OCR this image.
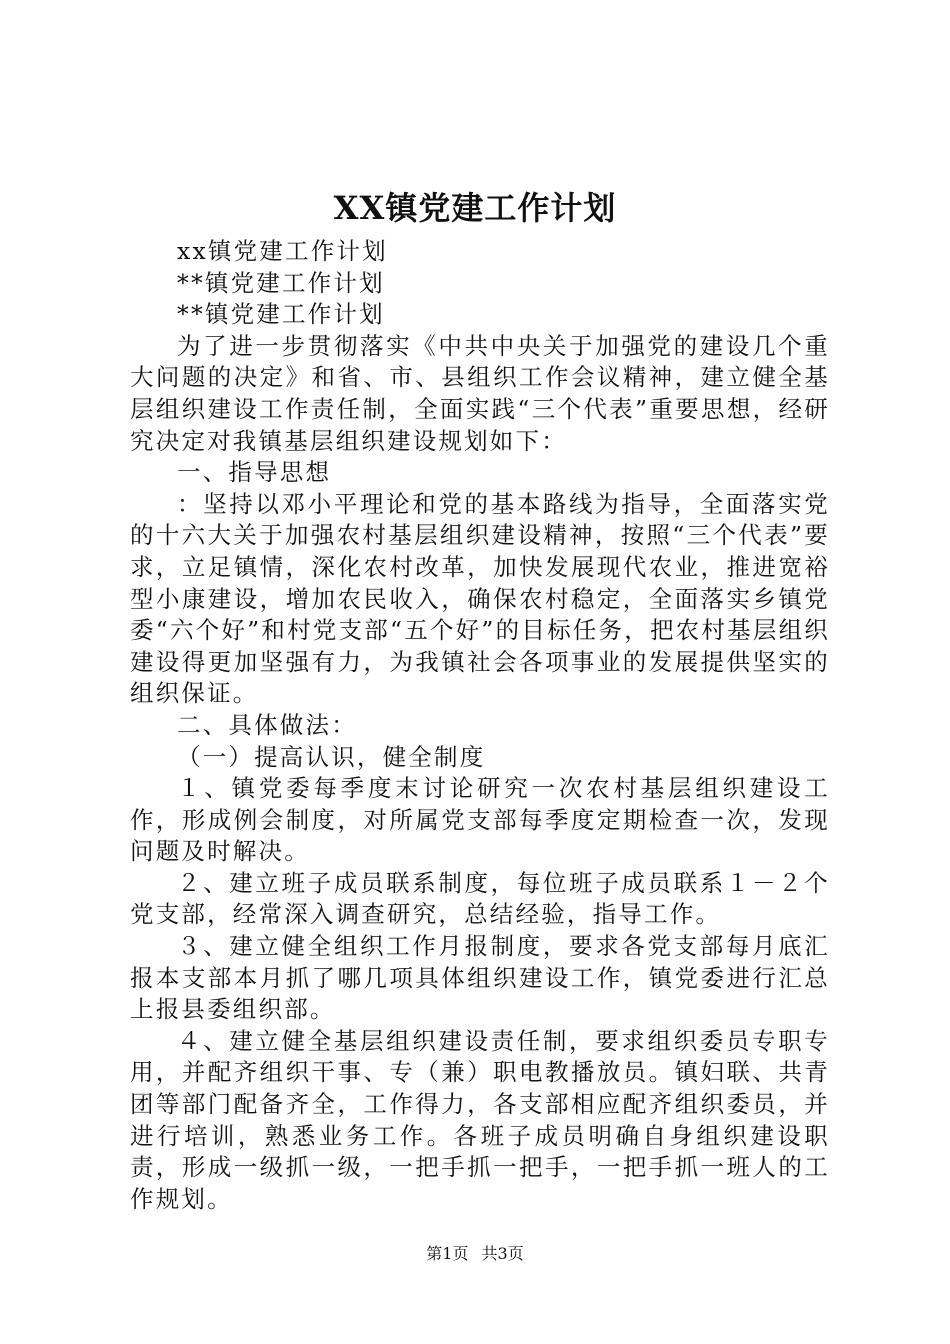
XX镇党建工作计划

xx镇党建工作计划

**镇党建工作计划

**镇党建工作计划

为了进一步贯彻落实《中共中央关于加强党的建设几个重大问题的决定》和省、市、县组织工作会议精神，建立健全基层组织建设工作责任制，全面实践“三个代表”重要思想，经研究决定对我镇基层组织建设规划如下：

一、指导思想

：坚持以邓小平理论和党的基本路线为指导，全面落实党的十六大关于加强农村基层组织建设精神，按照“三个代表”要求，立足镇情，深化农村改革，加快发展现代农业，推进宽裕型小康建设，增加农民收入，确保农村稳定，全面落实乡镇党委“六个好”和村党支部“五个好”的目标任务，把农村基层组织建设得更加坚强有力，为我镇社会各项事业的发展提供坚实的组织保证。

二、具体做法：

（一）提高认识，健全制度

１、镇党委每季度末讨论研究一次农村基层组织建设工作，形成例会制度，对所属党支部每季度定期检查一次，发现问题及时解决。

２、建立班子成员联系制度，每位班子成员联系１－２个党支部，经常深入调查研究，总结经验，指导工作。

３、建立健全组织工作月报制度，要求各党支部每月底汇报本支部本月抓了哪几项具体组织建设工作，镇党委进行汇总上报县委组织部。

４、建立健全基层组织建设责任制，要求组织委员专职专用，并配齐组织干事、专（兼）职电教播放员。镇妇联、共青团等部门配备齐全，工作得力，各支部相应配齐组织委员，并进行培训，熟悉业务工作。各班子成员明确自身组织建设职责，形成一级抓一级，一把手抓一把手，一把手抓一班人的工作规划。

第1页 共3页
